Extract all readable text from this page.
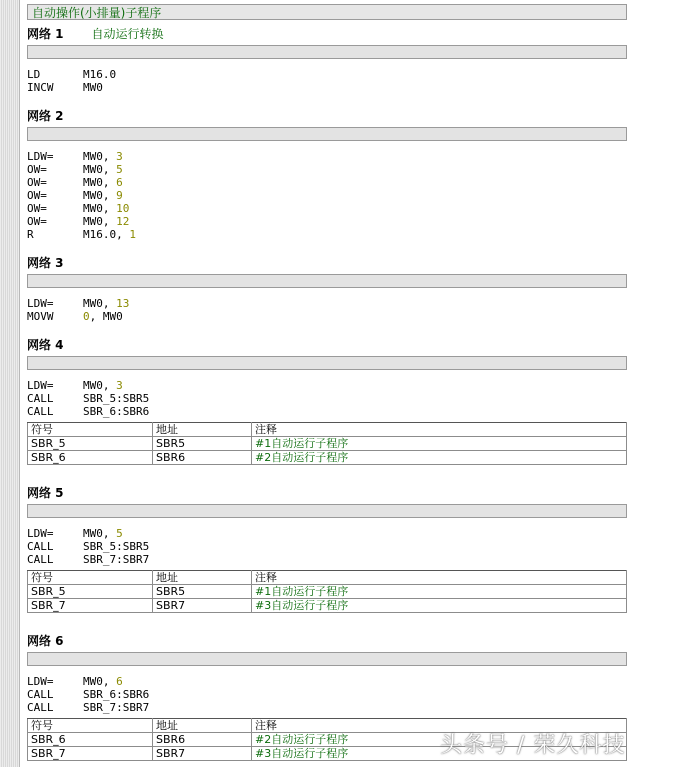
自动操作(小排量)子程序
网络 1 自动运行转换
LD	M16.0
INCW	MW0
网络 2
LDW=	MW0, 3
OW=	MW0, 5
OW=	MW0, 6
OW=	MW0, 9
OW=	MW0, 10
OW=	MW0, 12
R	M16.0, 1
网络 3
LDW=	MW0, 13
MOVW	0, MW0
网络 4
LDW=	MW0, 3
CALL	SBR_5:SBR5
CALL	SBR_6:SBR6
符号	地址	注释
SBR_5	SBR5	#1自动运行子程序
SBR_6	SBR6	#2自动运行子程序
网络 5
LDW=	MW0, 5
CALL	SBR_5:SBR5
CALL	SBR_7:SBR7
符号	地址	注释
SBR_5	SBR5	#1自动运行子程序
SBR_7	SBR7	#3自动运行子程序
网络 6
LDW=	MW0, 6
CALL	SBR_6:SBR6
CALL	SBR_7:SBR7
符号	地址	注释
SBR_6	SBR6	#2自动运行子程序
SBR_7	SBR7	#3自动运行子程序	头条号 / 荣久科技
